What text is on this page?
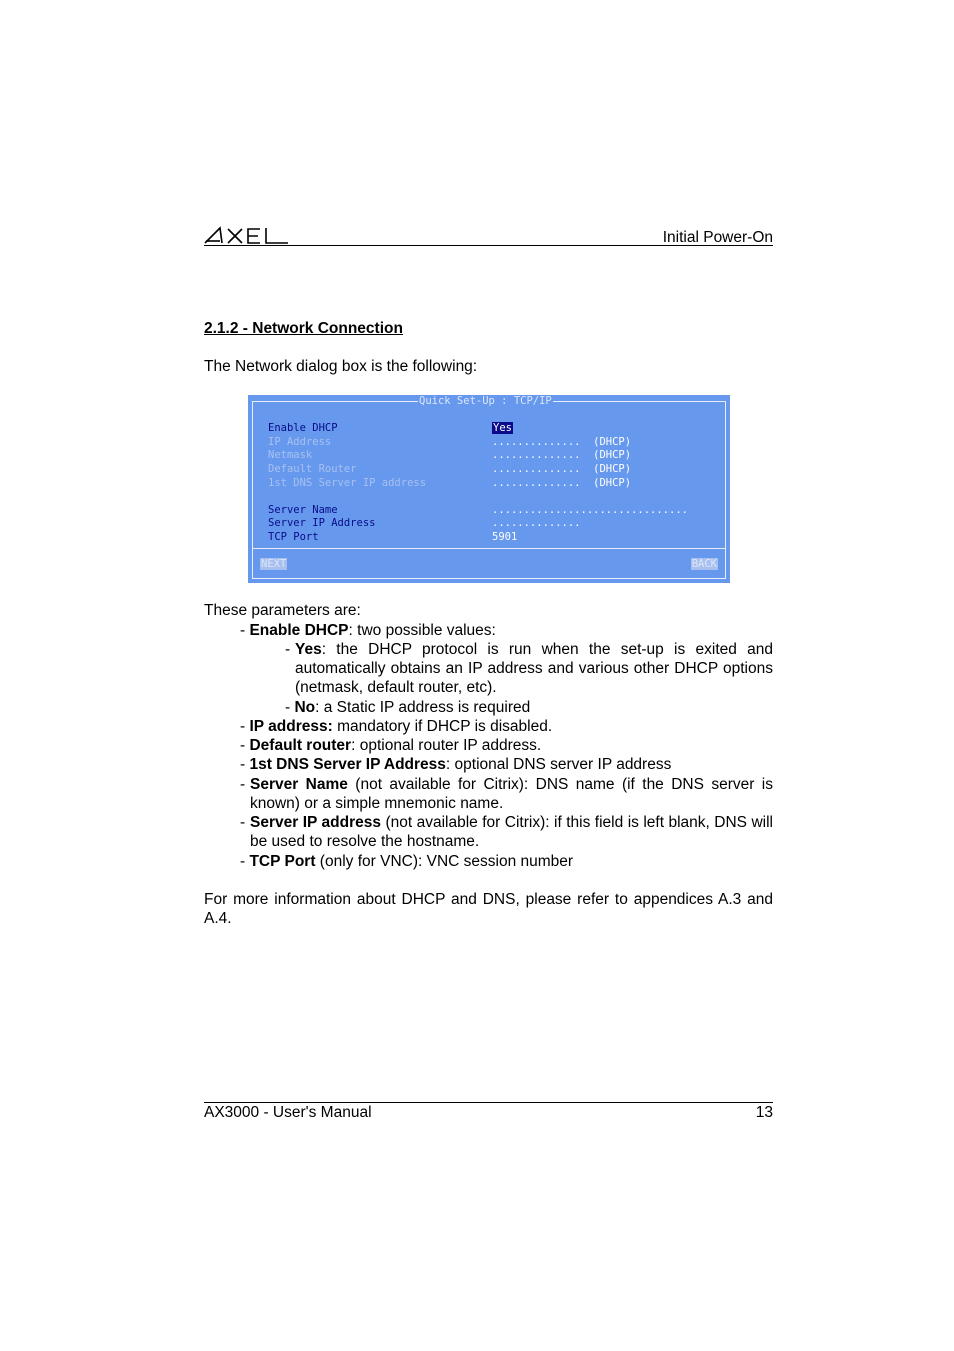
Initial Power-On
2.1.2 - Network Connection
The Network dialog box is the following:
Quick Set-Up : TCP/IP
Enable DHCP	Yes
IP Address	..............  (DHCP)
Netmask	..............  (DHCP)
Default Router	..............  (DHCP)
1st DNS Server IP address	..............  (DHCP)
Server Name	...............................
Server IP Address	..............
TCP Port	5901
NEXT	BACK
These parameters are:
- Enable DHCP: two possible values:
- Yes: the DHCP protocol is run when the set-up is exited and automatically obtains an IP address and various other DHCP options (netmask, default router, etc).
- No: a Static IP address is required
- IP address: mandatory if DHCP is disabled.
- Default router: optional router IP address.
- 1st DNS Server IP Address: optional DNS server IP address
- Server Name (not available for Citrix): DNS name (if the DNS server is known) or a simple mnemonic name.
- Server IP address (not available for Citrix): if this field is left blank, DNS will be used to resolve the hostname.
- TCP Port (only for VNC): VNC session number
For more information about DHCP and DNS, please refer to appendices A.3 and A.4.
AX3000 - User's Manual	13
